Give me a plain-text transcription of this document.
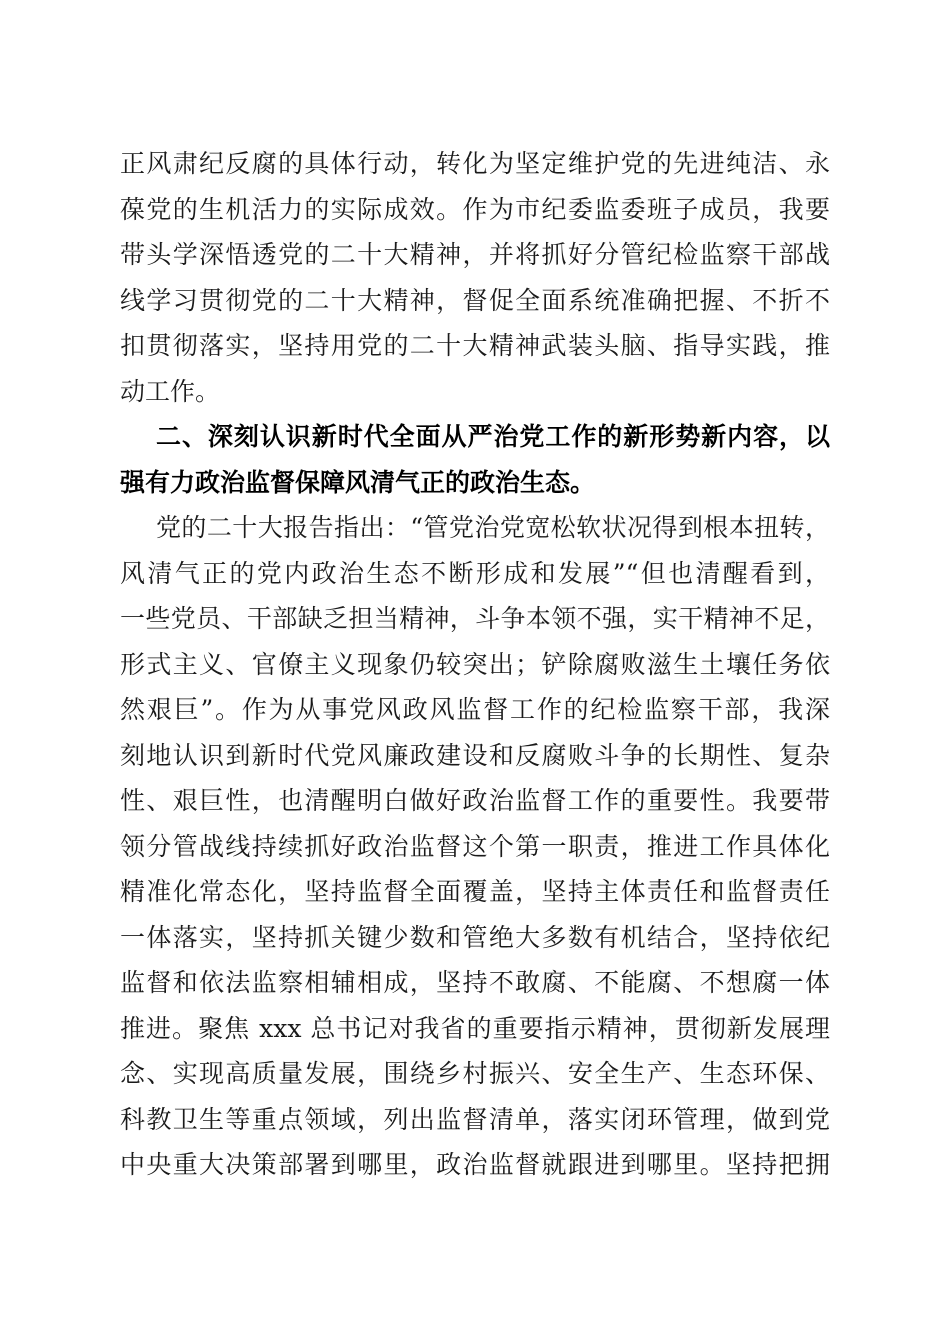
正风肃纪反腐的具体行动，转化为坚定维护党的先进纯洁、永
葆党的生机活力的实际成效。作为市纪委监委班子成员，我要
带头学深悟透党的二十大精神，并将抓好分管纪检监察干部战
线学习贯彻党的二十大精神，督促全面系统准确把握、不折不
扣贯彻落实，坚持用党的二十大精神武装头脑、指导实践，推
动工作。
二、深刻认识新时代全面从严治党工作的新形势新内容，以
强有力政治监督保障风清气正的政治生态。
党的二十大报告指出：“管党治党宽松软状况得到根本扭转，
风清气正的党内政治生态不断形成和发展”“但也清醒看到，
一些党员、干部缺乏担当精神，斗争本领不强，实干精神不足，
形式主义、官僚主义现象仍较突出；铲除腐败滋生土壤任务依
然艰巨”。作为从事党风政风监督工作的纪检监察干部，我深
刻地认识到新时代党风廉政建设和反腐败斗争的长期性、复杂
性、艰巨性，也清醒明白做好政治监督工作的重要性。我要带
领分管战线持续抓好政治监督这个第一职责，推进工作具体化
精准化常态化，坚持监督全面覆盖，坚持主体责任和监督责任
一体落实，坚持抓关键少数和管绝大多数有机结合，坚持依纪
监督和依法监察相辅相成，坚持不敢腐、不能腐、不想腐一体
推进。聚焦 xxx 总书记对我省的重要指示精神，贯彻新发展理
念、实现高质量发展，围绕乡村振兴、安全生产、生态环保、
科教卫生等重点领域，列出监督清单，落实闭环管理，做到党
中央重大决策部署到哪里，政治监督就跟进到哪里。坚持把拥
